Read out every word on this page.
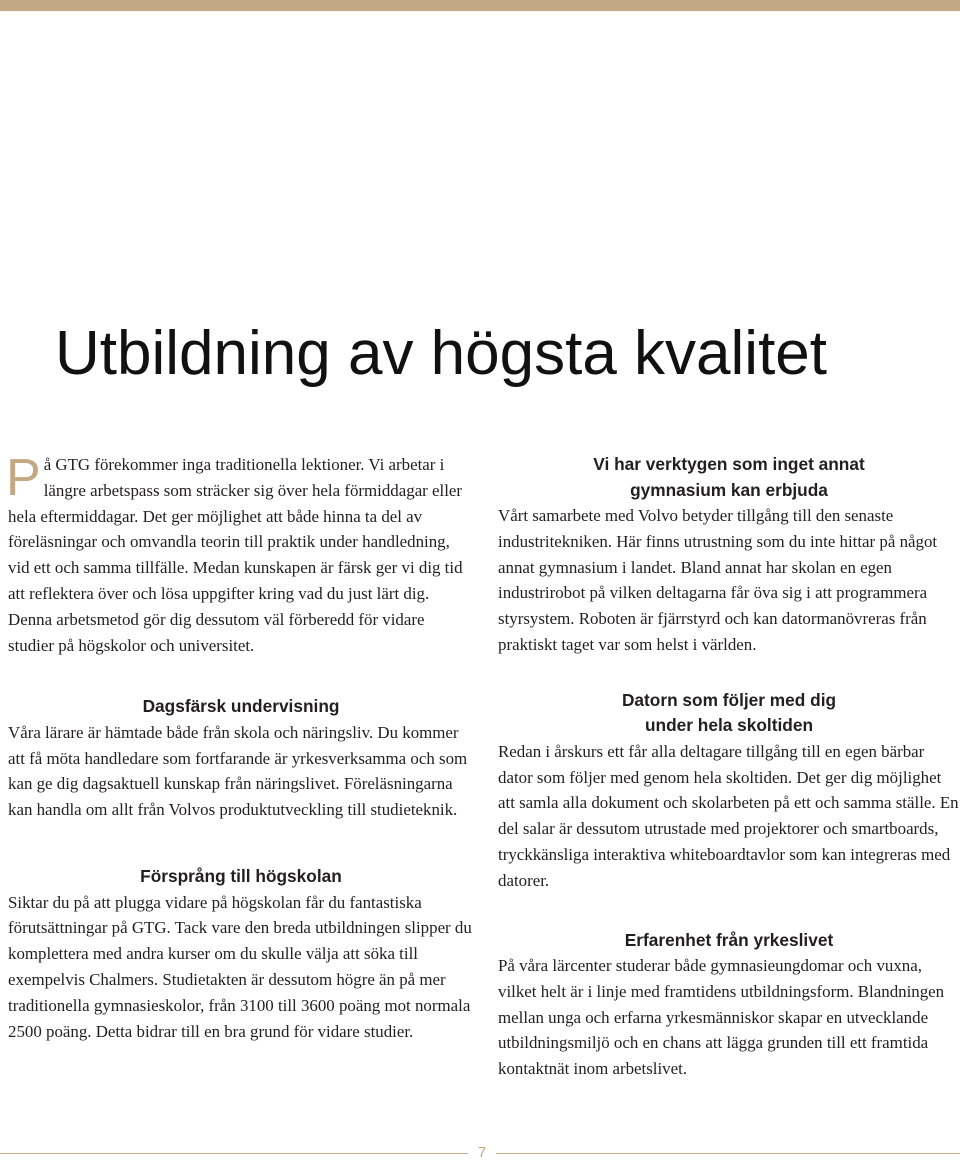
Utbildning av högsta kvalitet

På GTG förekommer inga traditionella lektioner. Vi arbetar i längre arbetspass som sträcker sig över hela förmiddagar eller hela eftermiddagar. Det ger möjlighet att både hinna ta del av föreläsningar och omvandla teorin till praktik under handledning, vid ett och samma tillfälle. Medan kunskapen är färsk ger vi dig tid att reflektera över och lösa uppgifter kring vad du just lärt dig. Denna arbetsmetod gör dig dessutom väl förberedd för vidare studier på högskolor och universitet.

Dagsfärsk undervisning

Våra lärare är hämtade både från skola och näringsliv. Du kommer att få möta handledare som fortfarande är yrkesverksamma och som kan ge dig dagsaktuell kunskap från näringslivet. Föreläsningarna kan handla om allt från Volvos produktutveckling till studieteknik.

Försprång till högskolan

Siktar du på att plugga vidare på högskolan får du fantastiska förutsättningar på GTG. Tack vare den breda utbildningen slipper du komplettera med andra kurser om du skulle välja att söka till exempelvis Chalmers. Studietakten är dessutom högre än på mer traditionella gymnasieskolor, från 3100 till 3600 poäng mot normala 2500 poäng. Detta bidrar till en bra grund för vidare studier.

Vi har verktygen som inget annat
gymnasium kan erbjuda

Vårt samarbete med Volvo betyder tillgång till den senaste industritekniken. Här finns utrustning som du inte hittar på något annat gymnasium i landet. Bland annat har skolan en egen industrirobot på vilken deltagarna får öva sig i att programmera styrsystem. Roboten är fjärrstyrd och kan datormanövreras från praktiskt taget var som helst i världen.

Datorn som följer med dig
under hela skoltiden

Redan i årskurs ett får alla deltagare tillgång till en egen bärbar dator som följer med genom hela skoltiden. Det ger dig möjlighet att samla alla dokument och skolarbeten på ett och samma ställe. En del salar är dessutom utrustade med projektorer och smartboards, tryckkänsliga interaktiva whiteboardtavlor som kan integreras med datorer.

Erfarenhet från yrkeslivet

På våra lärcenter studerar både gymnasieungdomar och vuxna, vilket helt är i linje med framtidens utbildningsform. Blandningen mellan unga och erfarna yrkesmänniskor skapar en utvecklande utbildningsmiljö och en chans att lägga grunden till ett framtida kontaktnät inom arbetslivet.

7
